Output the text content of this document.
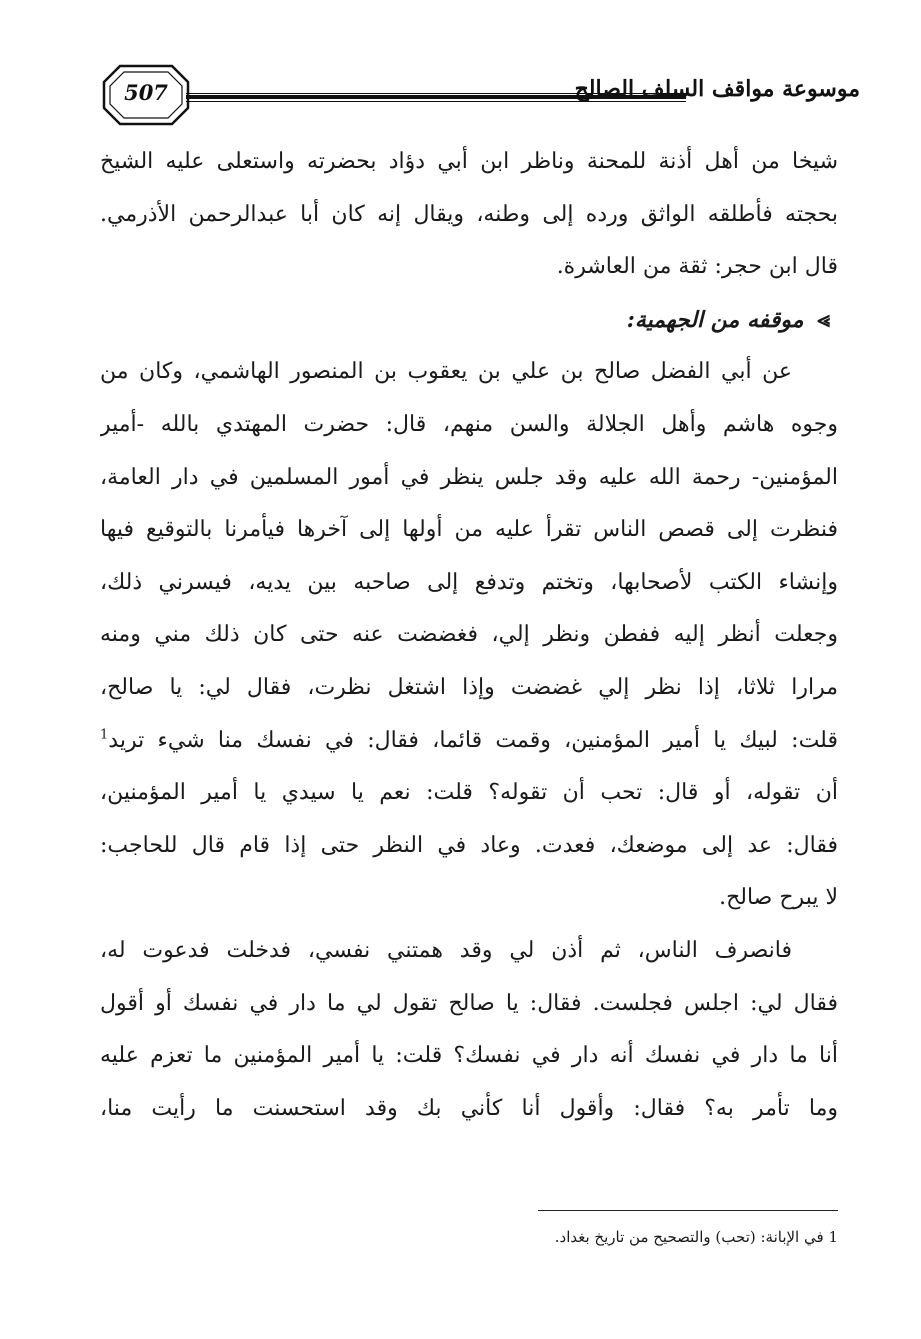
507	موسوعة مواقف السلف الصالح
شيخا من أهل أذنة للمحنة وناظر ابن أبي دؤاد بحضرته واستعلى عليه الشيخ
بحجته فأطلقه الواثق ورده إلى وطنه، ويقال إنه كان أبا عبدالرحمن الأذرمي.
قال ابن حجر: ثقة من العاشرة.
⪢موقفه من الجهمية:
عن أبي الفضل صالح بن علي بن يعقوب بن المنصور الهاشمي، وكان من
وجوه هاشم وأهل الجلالة والسن منهم، قال: حضرت المهتدي بالله -أمير
المؤمنين- رحمة الله عليه وقد جلس ينظر في أمور المسلمين في دار العامة،
فنظرت إلى قصص الناس تقرأ عليه من أولها إلى آخرها فيأمرنا بالتوقيع فيها
وإنشاء الكتب لأصحابها، وتختم وتدفع إلى صاحبه بين يديه، فيسرني ذلك،
وجعلت أنظر إليه ففطن ونظر إلي، فغضضت عنه حتى كان ذلك مني ومنه
مرارا ثلاثا، إذا نظر إلي غضضت وإذا اشتغل نظرت، فقال لي: يا صالح،
قلت: لبيك يا أمير المؤمنين، وقمت قائما، فقال: في نفسك منا شيء تريد$^1$
أن تقوله، أو قال: تحب أن تقوله؟ قلت: نعم يا سيدي يا أمير المؤمنين،
فقال: عد إلى موضعك، فعدت. وعاد في النظر حتى إذا قام قال للحاجب:
لا يبرح صالح.
فانصرف الناس، ثم أذن لي وقد همتني نفسي، فدخلت فدعوت له،
فقال لي: اجلس فجلست. فقال: يا صالح تقول لي ما دار في نفسك أو أقول
أنا ما دار في نفسك أنه دار في نفسك؟ قلت: يا أمير المؤمنين ما تعزم عليه
وما تأمر به؟ فقال: وأقول أنا كأني بك وقد استحسنت ما رأيت منا،
1 في الإبانة: (تحب) والتصحيح من تاريخ بغداد.
